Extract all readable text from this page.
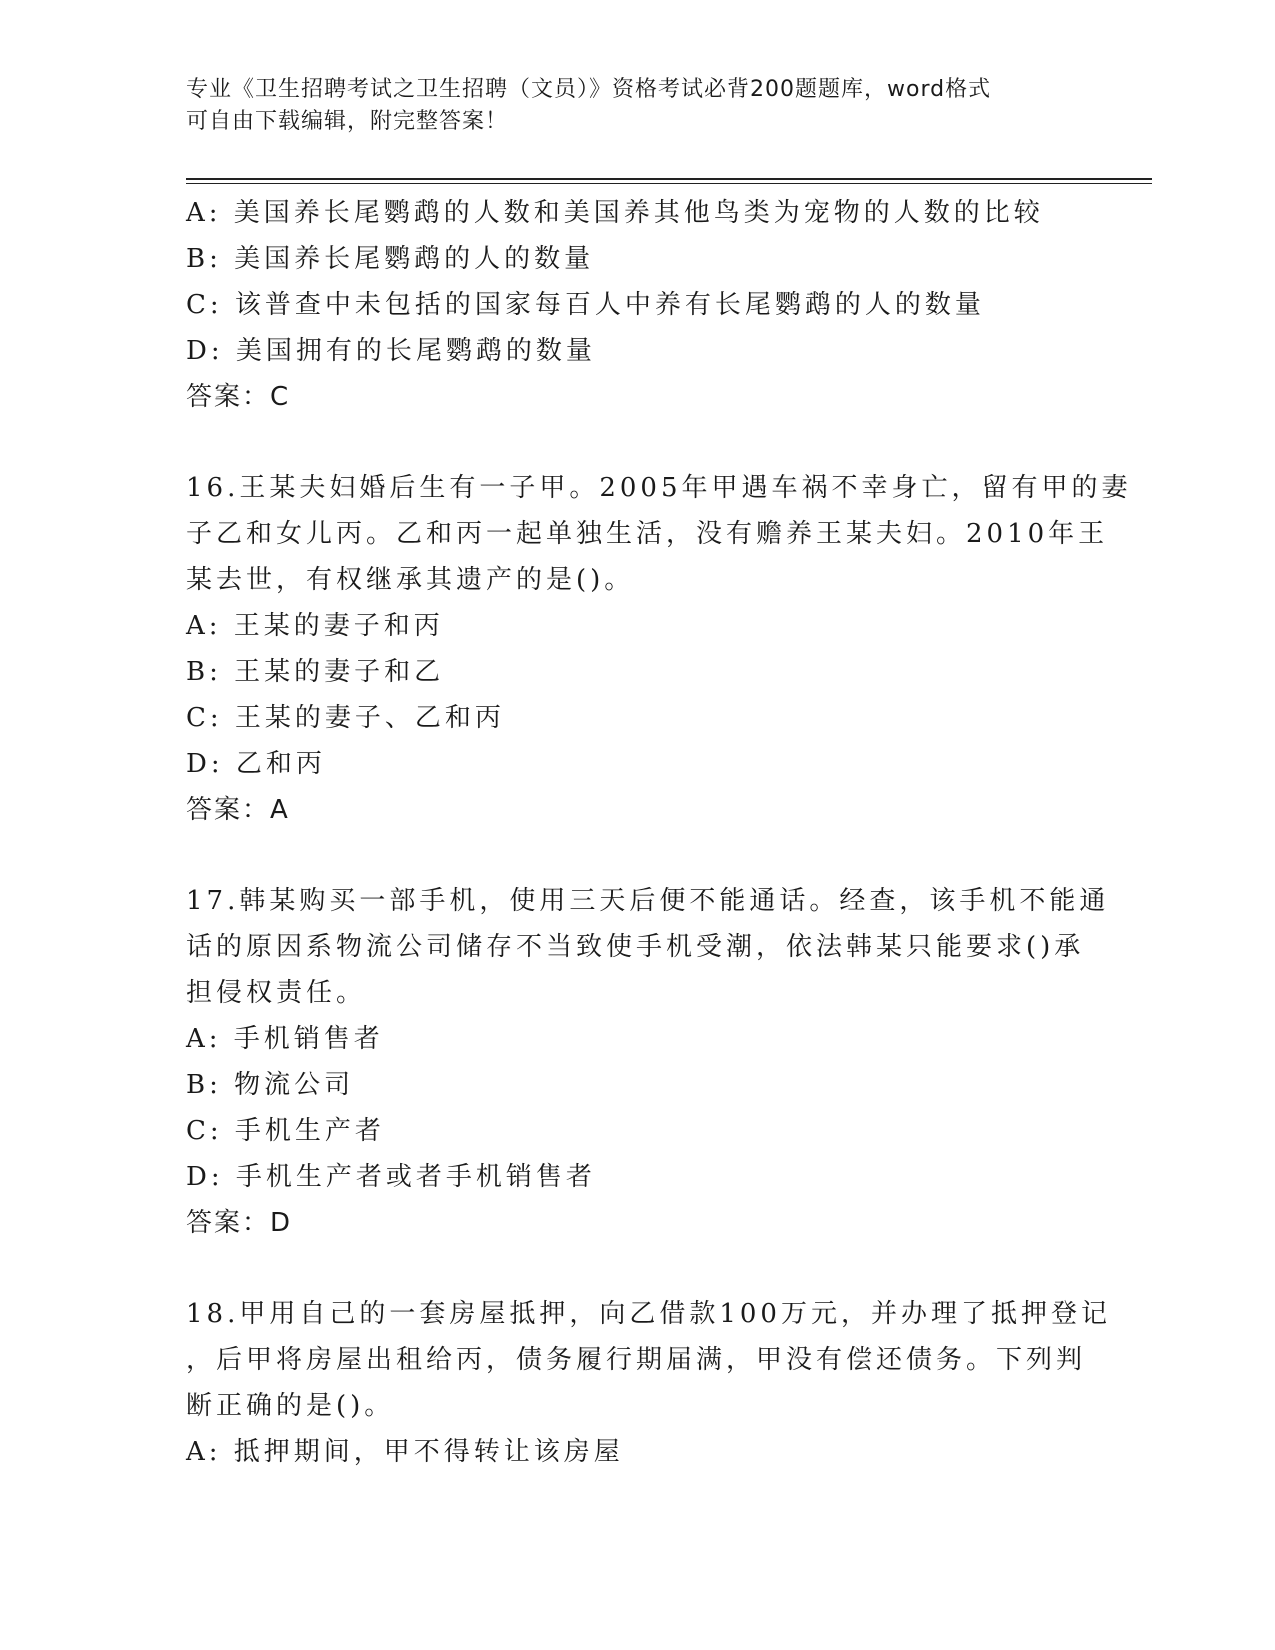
专业《卫生招聘考试之卫生招聘（文员）》资格考试必背200题题库，word格式
可自由下载编辑，附完整答案！
A: 美国养长尾鹦鹉的人数和美国养其他鸟类为宠物的人数的比较
B: 美国养长尾鹦鹉的人的数量
C: 该普查中未包括的国家每百人中养有长尾鹦鹉的人的数量
D: 美国拥有的长尾鹦鹉的数量
答案：C
16.王某夫妇婚后生有一子甲。2005年甲遇车祸不幸身亡，留有甲的妻
子乙和女儿丙。乙和丙一起单独生活，没有赡养王某夫妇。2010年王
某去世，有权继承其遗产的是()。
A: 王某的妻子和丙
B: 王某的妻子和乙
C: 王某的妻子、乙和丙
D: 乙和丙
答案：A
17.韩某购买一部手机，使用三天后便不能通话。经查，该手机不能通
话的原因系物流公司储存不当致使手机受潮，依法韩某只能要求()承
担侵权责任。
A: 手机销售者
B: 物流公司
C: 手机生产者
D: 手机生产者或者手机销售者
答案：D
18.甲用自己的一套房屋抵押，向乙借款100万元，并办理了抵押登记
，后甲将房屋出租给丙，债务履行期届满，甲没有偿还债务。下列判
断正确的是()。
A: 抵押期间，甲不得转让该房屋
